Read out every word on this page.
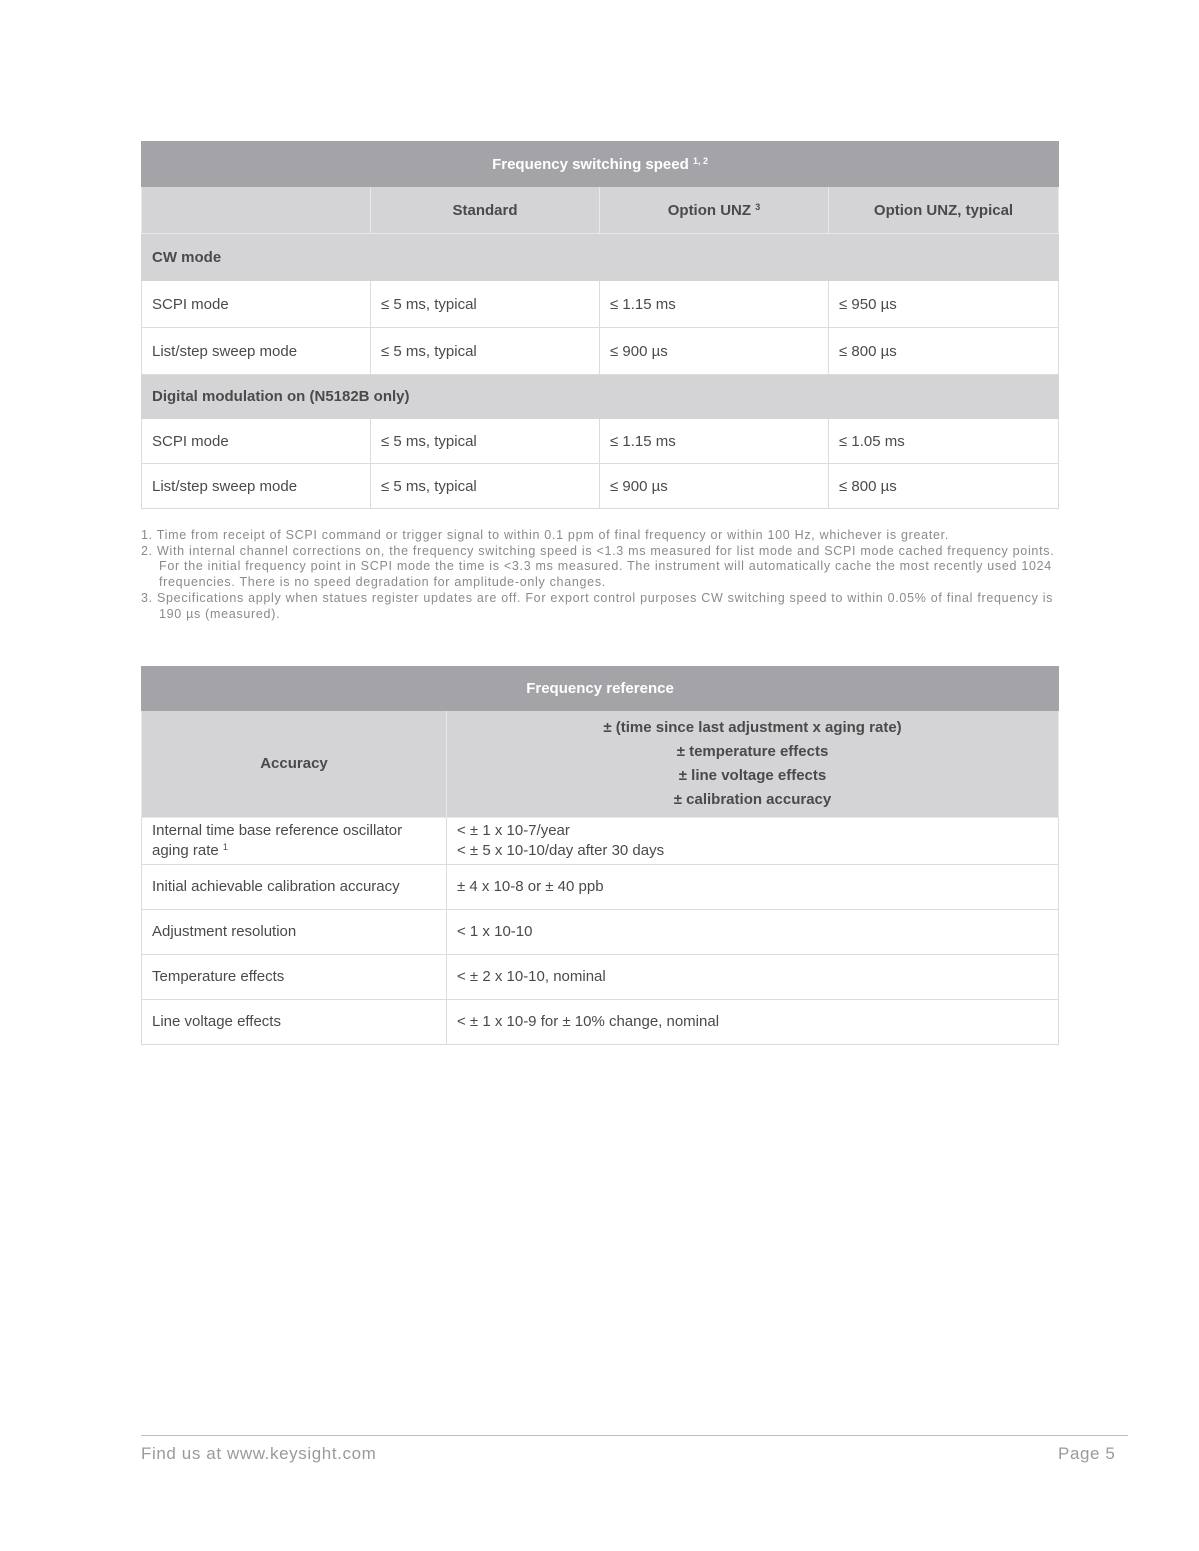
Frequency switching speed $^{1, 2}$
	Standard	Option UNZ $^3$	Option UNZ, typical
CW mode			
SCPI mode	≤ 5 ms, typical	≤ 1.15 ms	≤ 950 µs
List/step sweep mode	≤ 5 ms, typical	≤ 900 µs	≤ 800 µs
Digital modulation on (N5182B only)			
SCPI mode	≤ 5 ms, typical	≤ 1.15 ms	≤ 1.05 ms
List/step sweep mode	≤ 5 ms, typical	≤ 900 µs	≤ 800 µs
1. Time from receipt of SCPI command or trigger signal to within 0.1 ppm of final frequency or within 100 Hz, whichever is greater.
2. With internal channel corrections on, the frequency switching speed is <1.3 ms measured for list mode and SCPI mode cached frequency points. For the initial frequency point in SCPI mode the time is <3.3 ms measured. The instrument will automatically cache the most recently used 1024 frequencies. There is no speed degradation for amplitude-only changes.
3. Specifications apply when statues register updates are off. For export control purposes CW switching speed to within 0.05% of final frequency is 190 µs (measured).
Frequency reference	
Accuracy	± (time since last adjustment x aging rate)
± temperature effects
± line voltage effects
± calibration accuracy

Internal time base reference oscillator aging rate $^1$	< ± 1 x 10-7/year
< ± 5 x 10-10/day after 30 days

Initial achievable calibration accuracy	± 4 x 10-8 or ± 40 ppb
Adjustment resolution	< 1 x 10-10
Temperature effects	< ± 2 x 10-10, nominal
Line voltage effects	< ± 1 x 10-9 for ± 10% change, nominal
Find us at www.keysight.com	Page 5
